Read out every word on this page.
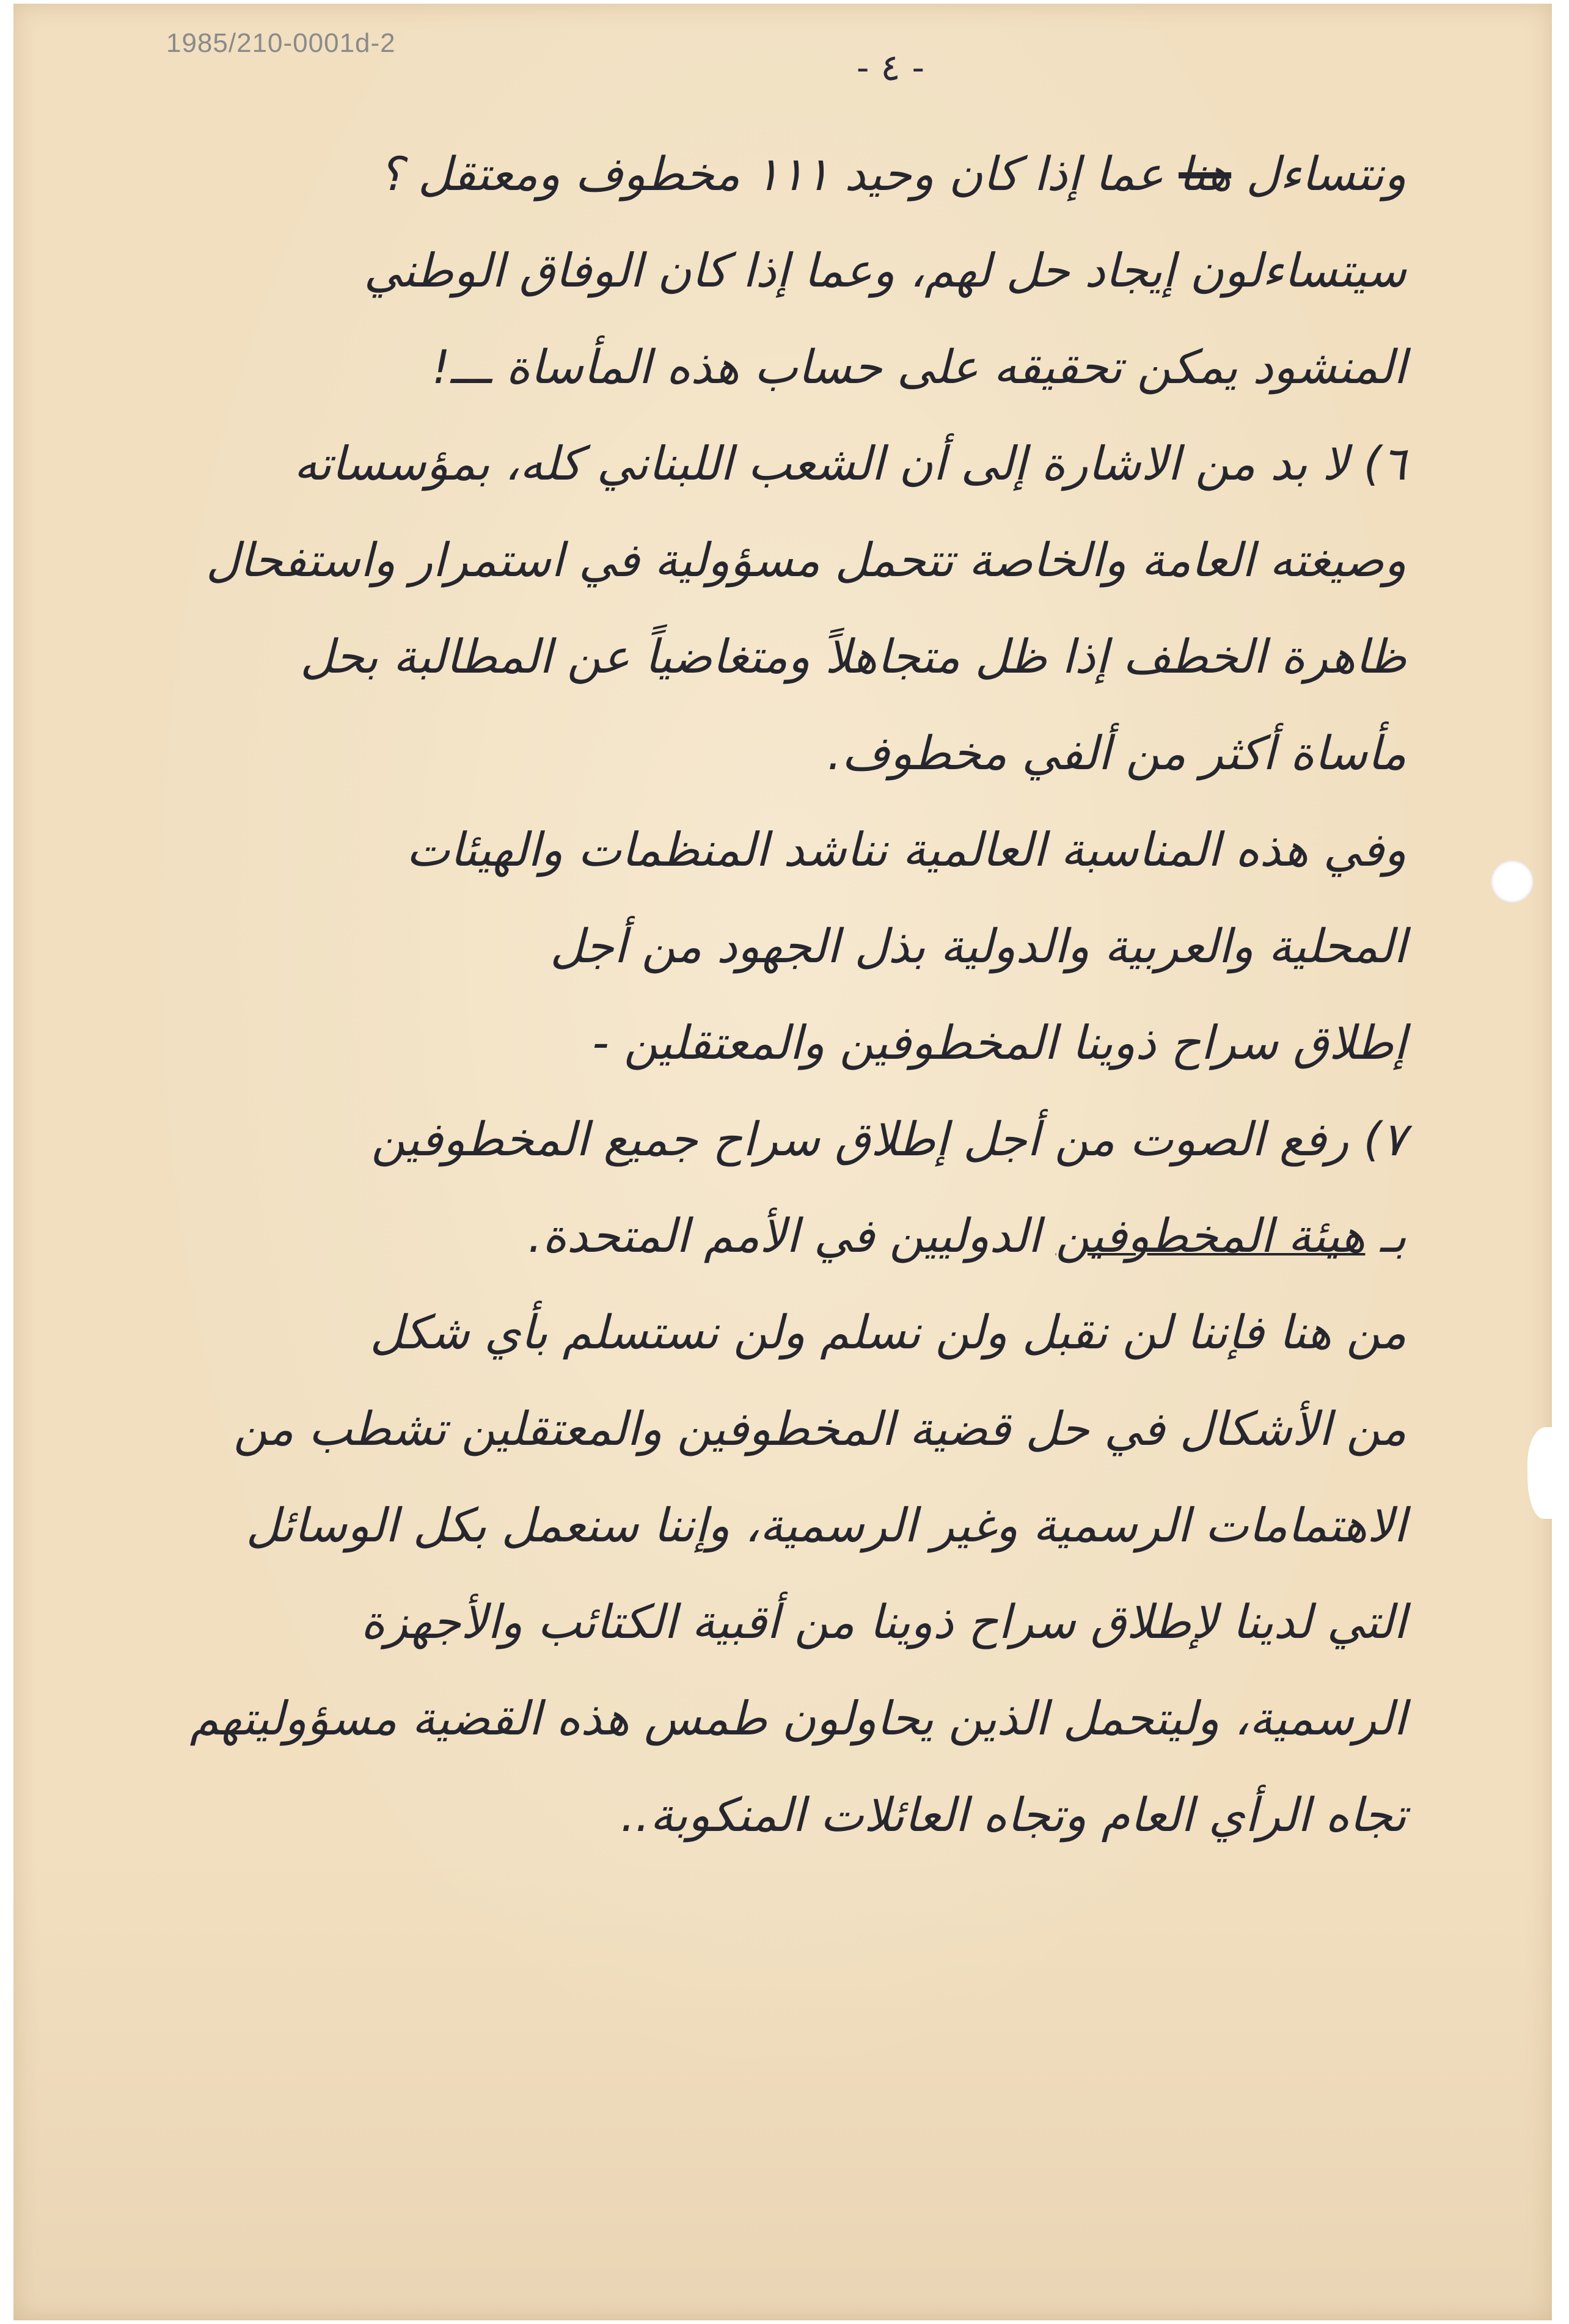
1985/210-0001d-2
- ٤ -
ونتساءل هنا عما إذا كان وحيد ١١١ مخطوف ومعتقل ؟
سيتساءلون إيجاد حل لهم، وعما إذا كان الوفاق الوطني
المنشود يمكن تحقيقه على حساب هذه المأساة ـــ!
٦) لا بد من الاشارة إلى أن الشعب اللبناني كله، بمؤسساته
وصيغته العامة والخاصة تتحمل مسؤولية في استمرار واستفحال
ظاهرة الخطف إذا ظل متجاهلاً ومتغاضياً عن المطالبة بحل
مأساة أكثر من ألفي مخطوف.
وفي هذه المناسبة العالمية نناشد المنظمات والهيئات
المحلية والعربية والدولية بذل الجهود من أجل
إطلاق سراح ذوينا المخطوفين والمعتقلين -
٧) رفع الصوت من أجل إطلاق سراح جميع المخطوفين
بـ هيئة المخطوفين الدوليين في الأمم المتحدة.
من هنا فإننا لن نقبل ولن نسلم ولن نستسلم بأي شكل
من الأشكال في حل قضية المخطوفين والمعتقلين تشطب من
الاهتمامات الرسمية وغير الرسمية، وإننا سنعمل بكل الوسائل
التي لدينا لإطلاق سراح ذوينا من أقبية الكتائب والأجهزة
الرسمية، وليتحمل الذين يحاولون طمس هذه القضية مسؤوليتهم
تجاه الرأي العام وتجاه العائلات المنكوبة..
